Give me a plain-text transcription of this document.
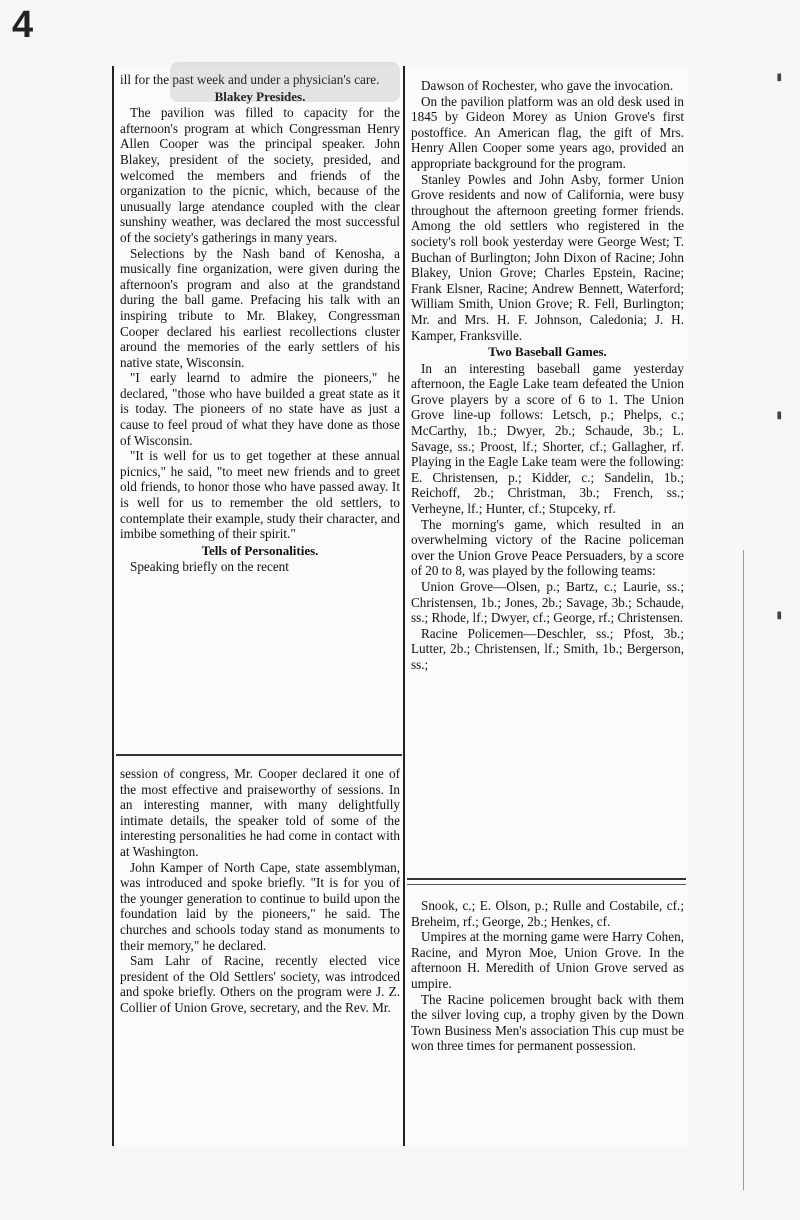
4

ill for the past week and under a physician's care.

Blakey Presides.

The pavilion was filled to capacity for the afternoon's program at which Congressman Henry Allen Cooper was the principal speaker. John Blakey, president of the society, presided, and welcomed the members and friends of the organization to the picnic, which, because of the unusually large atendance coupled with the clear sunshiny weather, was declared the most successful of the society's gatherings in many years.

Selections by the Nash band of Kenosha, a musically fine organization, were given during the afternoon's program and also at the grandstand during the ball game. Prefacing his talk with an inspiring tribute to Mr. Blakey, Congressman Cooper declared his earliest recollections cluster around the memories of the early settlers of his native state, Wisconsin.

"I early learnd to admire the pioneers," he declared, "those who have builded a great state as it is today. The pioneers of no state have as just a cause to feel proud of what they have done as those of Wisconsin.

"It is well for us to get together at these annual picnics," he said, "to meet new friends and to greet old friends, to honor those who have passed away. It is well for us to remember the old settlers, to contemplate their example, study their character, and imbibe something of their spirit."

Tells of Personalities.

Speaking briefly on the recent

session of congress, Mr. Cooper declared it one of the most effective and praiseworthy of sessions. In an interesting manner, with many delightfully intimate details, the speaker told of some of the interesting personalities he had come in contact with at Washington.

John Kamper of North Cape, state assemblyman, was introduced and spoke briefly. "It is for you of the younger generation to continue to build upon the foundation laid by the pioneers," he said. The churches and schools today stand as monuments to their memory," he declared.

Sam Lahr of Racine, recently elected vice president of the Old Settlers' society, was introdced and spoke briefly. Others on the program were J. Z. Collier of Union Grove, secretary, and the Rev. Mr.

Dawson of Rochester, who gave the invocation.

On the pavilion platform was an old desk used in 1845 by Gideon Morey as Union Grove's first postoffice. An American flag, the gift of Mrs. Henry Allen Cooper some years ago, provided an appropriate background for the program.

Stanley Powles and John Asby, former Union Grove residents and now of California, were busy throughout the afternoon greeting former friends. Among the old settlers who registered in the society's roll book yesterday were George West; T. Buchan of Burlington; John Dixon of Racine; John Blakey, Union Grove; Charles Epstein, Racine; Frank Elsner, Racine; Andrew Bennett, Waterford; William Smith, Union Grove; R. Fell, Burlington; Mr. and Mrs. H. F. Johnson, Caledonia; J. H. Kamper, Franksville.

Two Baseball Games.

In an interesting baseball game yesterday afternoon, the Eagle Lake team defeated the Union Grove players by a score of 6 to 1. The Union Grove line-up follows: Letsch, p.; Phelps, c.; McCarthy, 1b.; Dwyer, 2b.; Schaude, 3b.; L. Savage, ss.; Proost, lf.; Shorter, cf.; Gallagher, rf. Playing in the Eagle Lake team were the following: E. Christensen, p.; Kidder, c.; Sandelin, 1b.; Reichoff, 2b.; Christman, 3b.; French, ss.; Verheyne, lf.; Hunter, cf.; Stupceky, rf.

The morning's game, which resulted in an overwhelming victory of the Racine policeman over the Union Grove Peace Persuaders, by a score of 20 to 8, was played by the following teams:

Union Grove—Olsen, p.; Bartz, c.; Laurie, ss.; Christensen, 1b.; Jones, 2b.; Savage, 3b.; Schaude, ss.; Rhode, lf.; Dwyer, cf.; George, rf.; Christensen.

Racine Policemen—Deschler, ss.; Pfost, 3b.; Lutter, 2b.; Christensen, lf.; Smith, 1b.; Bergerson, ss.;

Snook, c.; E. Olson, p.; Rulle and Costabile, cf.; Breheim, rf.; George, 2b.; Henkes, cf.

Umpires at the morning game were Harry Cohen, Racine, and Myron Moe, Union Grove. In the afternoon H. Meredith of Union Grove served as umpire.

The Racine policemen brought back with them the silver loving cup, a trophy given by the Down Town Business Men's association This cup must be won three times for permanent possession.

▮
▮
▮
